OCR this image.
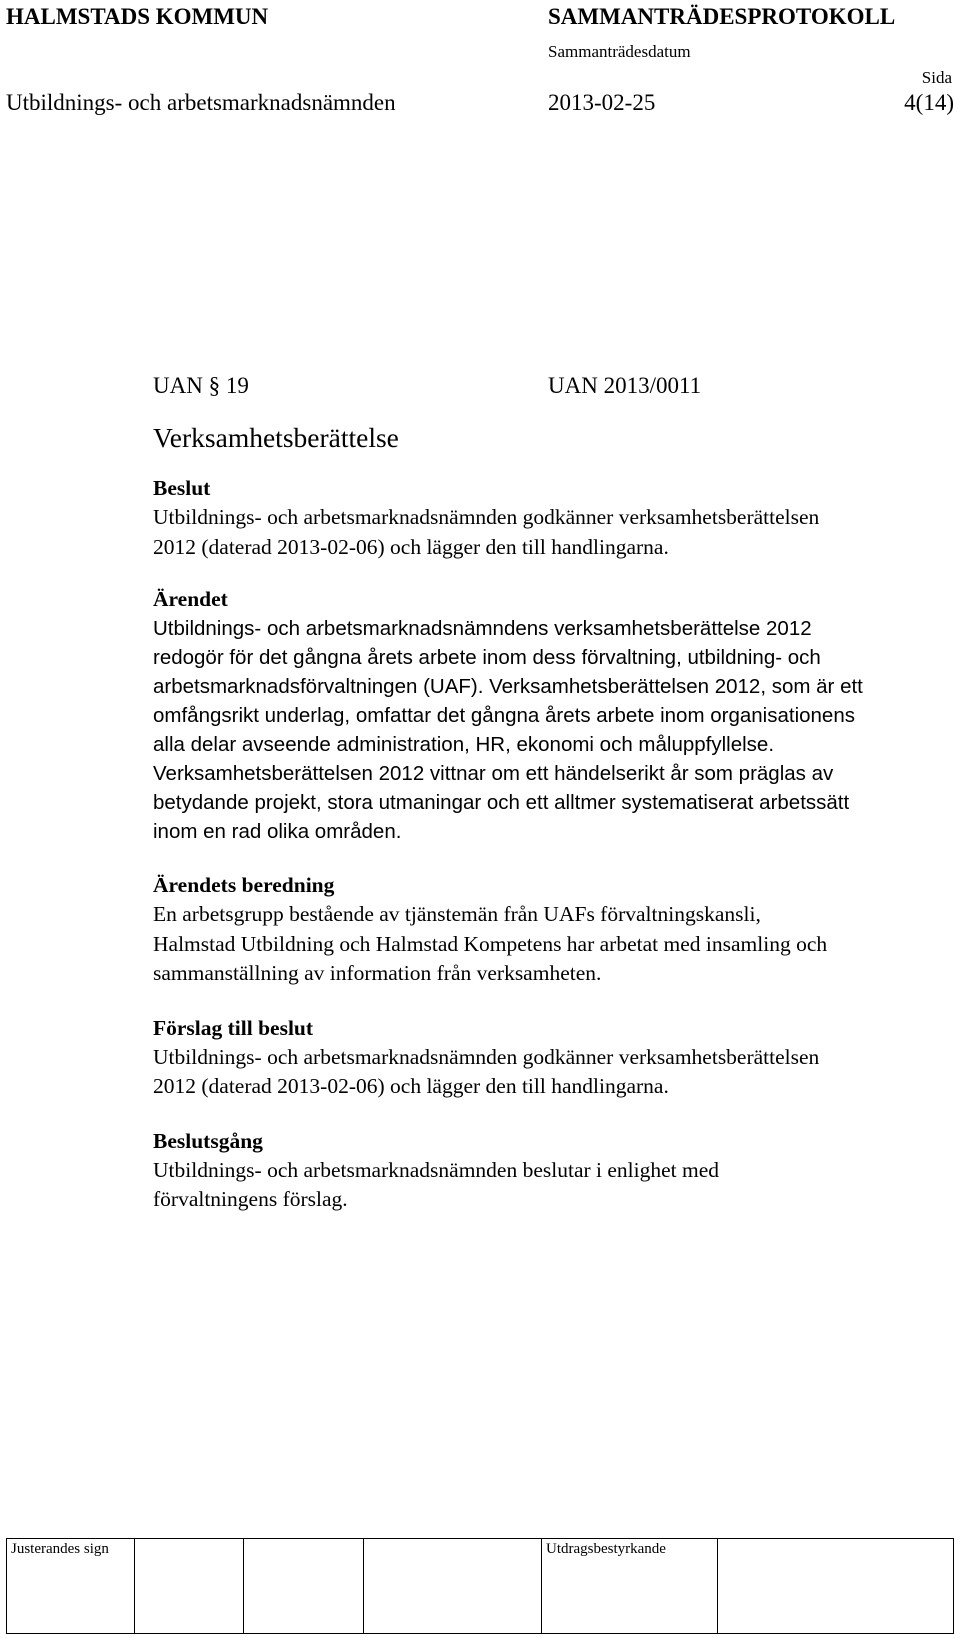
HALMSTADS KOMMUN	SAMMANTRÄDESPROTOKOLL
Sammanträdesdatum
Sida
Utbildnings- och arbetsmarknadsnämnden	2013-02-25	4(14)
UAN § 19	UAN 2013/0011
Verksamhetsberättelse
Beslut
Utbildnings- och arbetsmarknadsnämnden godkänner verksamhetsberättelsen
2012 (daterad 2013-02-06) och lägger den till handlingarna.
Ärendet
Utbildnings- och arbetsmarknadsnämndens verksamhetsberättelse 2012
redogör för det gångna årets arbete inom dess förvaltning, utbildning- och
arbetsmarknadsförvaltningen (UAF). Verksamhetsberättelsen 2012, som är ett
omfångsrikt underlag, omfattar det gångna årets arbete inom organisationens
alla delar avseende administration, HR, ekonomi och måluppfyllelse.
Verksamhetsberättelsen 2012 vittnar om ett händelserikt år som präglas av
betydande projekt, stora utmaningar och ett alltmer systematiserat arbetssätt
inom en rad olika områden.
Ärendets beredning
En arbetsgrupp bestående av tjänstemän från UAFs förvaltningskansli,
Halmstad Utbildning och Halmstad Kompetens har arbetat med insamling och
sammanställning av information från verksamheten.
Förslag till beslut
Utbildnings- och arbetsmarknadsnämnden godkänner verksamhetsberättelsen
2012 (daterad 2013-02-06) och lägger den till handlingarna.
Beslutsgång
Utbildnings- och arbetsmarknadsnämnden beslutar i enlighet med
förvaltningens förslag.
Justerandes sign				Utdragsbestyrkande	
